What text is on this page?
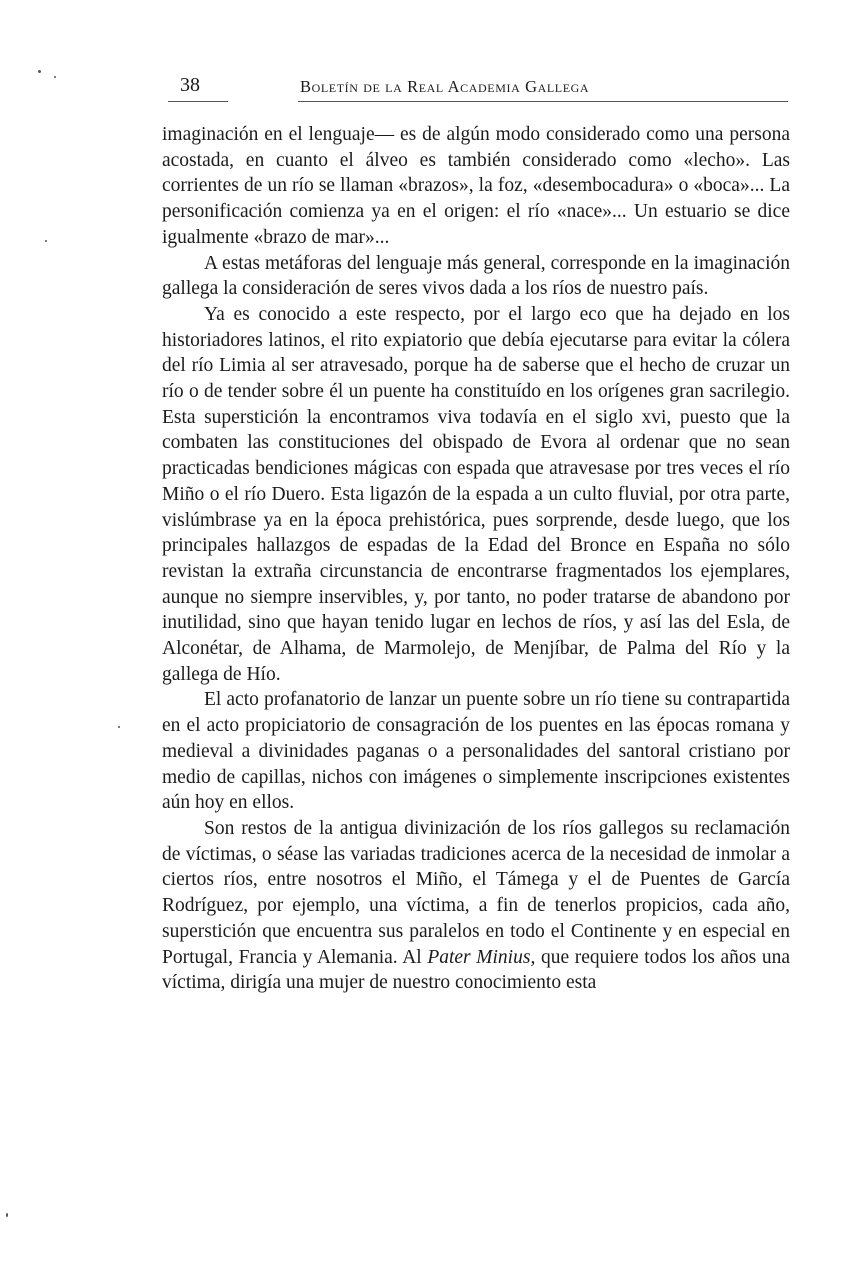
38	Boletín de la Real Academia Gallega

imaginación en el lenguaje— es de algún modo considerado como una persona acostada, en cuanto el álveo es también considerado como «lecho». Las corrientes de un río se llaman «brazos», la foz, «desembocadura» o «boca»... La personificación comienza ya en el origen: el río «nace»... Un estuario se dice igualmente «brazo de mar»...

A estas metáforas del lenguaje más general, corresponde en la imaginación gallega la consideración de seres vivos dada a los ríos de nuestro país.

Ya es conocido a este respecto, por el largo eco que ha dejado en los historiadores latinos, el rito expiatorio que debía ejecutarse para evitar la cólera del río Limia al ser atravesado, porque ha de saberse que el hecho de cruzar un río o de tender sobre él un puente ha constituído en los orígenes gran sacrilegio. Esta superstición la encontramos viva todavía en el siglo xvi, puesto que la combaten las constituciones del obispado de Evora al ordenar que no sean practicadas bendiciones mágicas con espada que atravesase por tres veces el río Miño o el río Duero. Esta ligazón de la espada a un culto fluvial, por otra parte, vislúmbrase ya en la época prehistórica, pues sorprende, desde luego, que los principales hallazgos de espadas de la Edad del Bronce en España no sólo revistan la extraña circunstancia de encontrarse fragmentados los ejemplares, aunque no siempre inservibles, y, por tanto, no poder tratarse de abandono por inutilidad, sino que hayan tenido lugar en lechos de ríos, y así las del Esla, de Alconétar, de Alhama, de Marmolejo, de Menjíbar, de Palma del Río y la gallega de Hío.

El acto profanatorio de lanzar un puente sobre un río tiene su contrapartida en el acto propiciatorio de consagración de los puentes en las épocas romana y medieval a divinidades paganas o a personalidades del santoral cristiano por medio de capillas, nichos con imágenes o simplemente inscripciones existentes aún hoy en ellos.

Son restos de la antigua divinización de los ríos gallegos su reclamación de víctimas, o séase las variadas tradiciones acerca de la necesidad de inmolar a ciertos ríos, entre nosotros el Miño, el Támega y el de Puentes de García Rodríguez, por ejemplo, una víctima, a fin de tenerlos propicios, cada año, superstición que encuentra sus paralelos en todo el Continente y en especial en Portugal, Francia y Alemania. Al Pater Minius, que requiere todos los años una víctima, dirigía una mujer de nuestro conocimiento esta
